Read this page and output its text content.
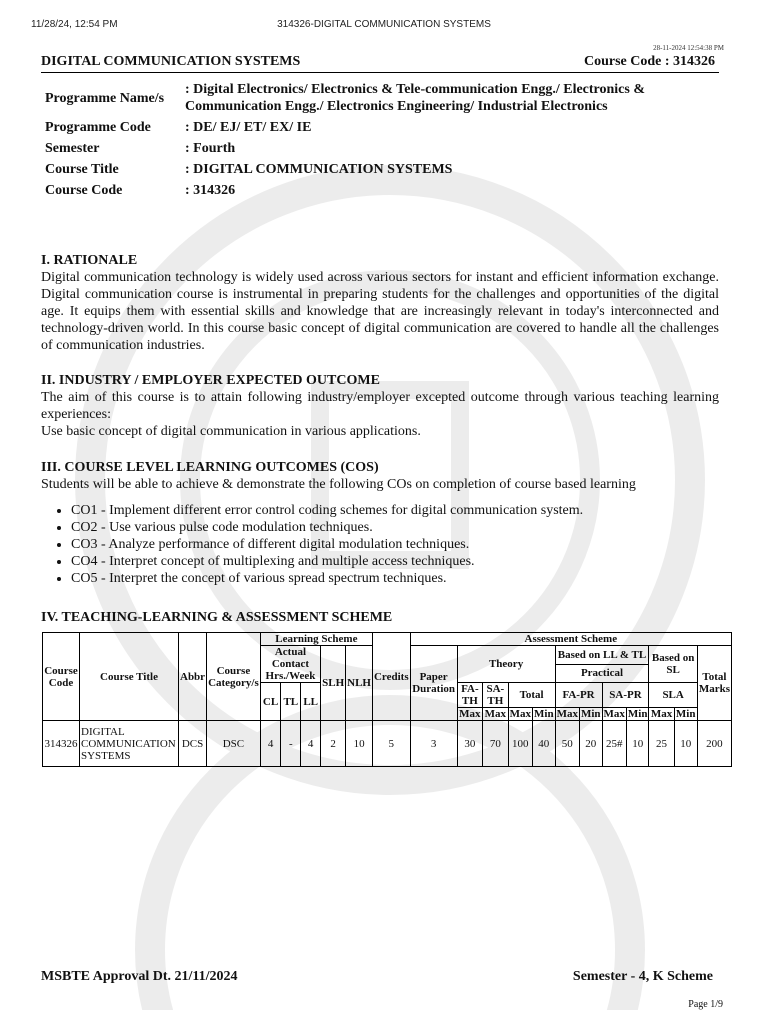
11/28/24, 12:54 PM	314326-DIGITAL COMMUNICATION SYSTEMS
28-11-2024 12:54:38 PM
DIGITAL COMMUNICATION SYSTEMS	Course Code : 314326
Programme Name/s	: Digital Electronics/ Electronics & Tele-communication Engg./ Electronics & Communication Engg./ Electronics Engineering/ Industrial Electronics
Programme Code	: DE/ EJ/ ET/ EX/ IE
Semester	: Fourth
Course Title	: DIGITAL COMMUNICATION SYSTEMS
Course Code	: 314326
I. RATIONALE

Digital communication technology is widely used across various sectors for instant and efficient information exchange. Digital communication course is instrumental in preparing students for the challenges and opportunities of the digital age. It equips them with essential skills and knowledge that are increasingly relevant in today's interconnected and technology-driven world. In this course basic concept of digital communication are covered to handle all the challenges of communication industries.

II. INDUSTRY / EMPLOYER EXPECTED OUTCOME

The aim of this course is to attain following industry/employer excepted outcome through various teaching learning experiences:

Use basic concept of digital communication in various applications.

III. COURSE LEVEL LEARNING OUTCOMES (COS)

Students will be able to achieve & demonstrate the following COs on completion of course based learning

• CO1 - Implement different error control coding schemes for digital communication system.
• CO2 - Use various pulse code modulation techniques.
• CO3 - Analyze performance of different digital modulation techniques.
• CO4 - Interpret concept of multiplexing and multiple access techniques.
• CO5 - Interpret the concept of various spread spectrum techniques.
IV. TEACHING-LEARNING & ASSESSMENT SCHEME
Course Code	Course Title	Abbr	Course Category/s	Learning Scheme					Credits	Assessment Scheme											
				Actual Contact Hrs./Week			SLH	NLH		Paper Duration	Theory				Based on LL & TL				Based on SL		Total Marks
															Practical						
				CL	TL	LL					FA-TH	SA-TH	Total		FA-PR		SA-PR		SLA		
											Max	Max	Max	Min	Max	Min	Max	Min	Max	Min	
314326	DIGITAL COMMUNICATION SYSTEMS	DCS	DSC	4	-	4	2	10	5	3	30	70	100	40	50	20	25#	10	25	10	200
MSBTE Approval Dt. 21/11/2024	Semester - 4, K Scheme
Page 1/9
